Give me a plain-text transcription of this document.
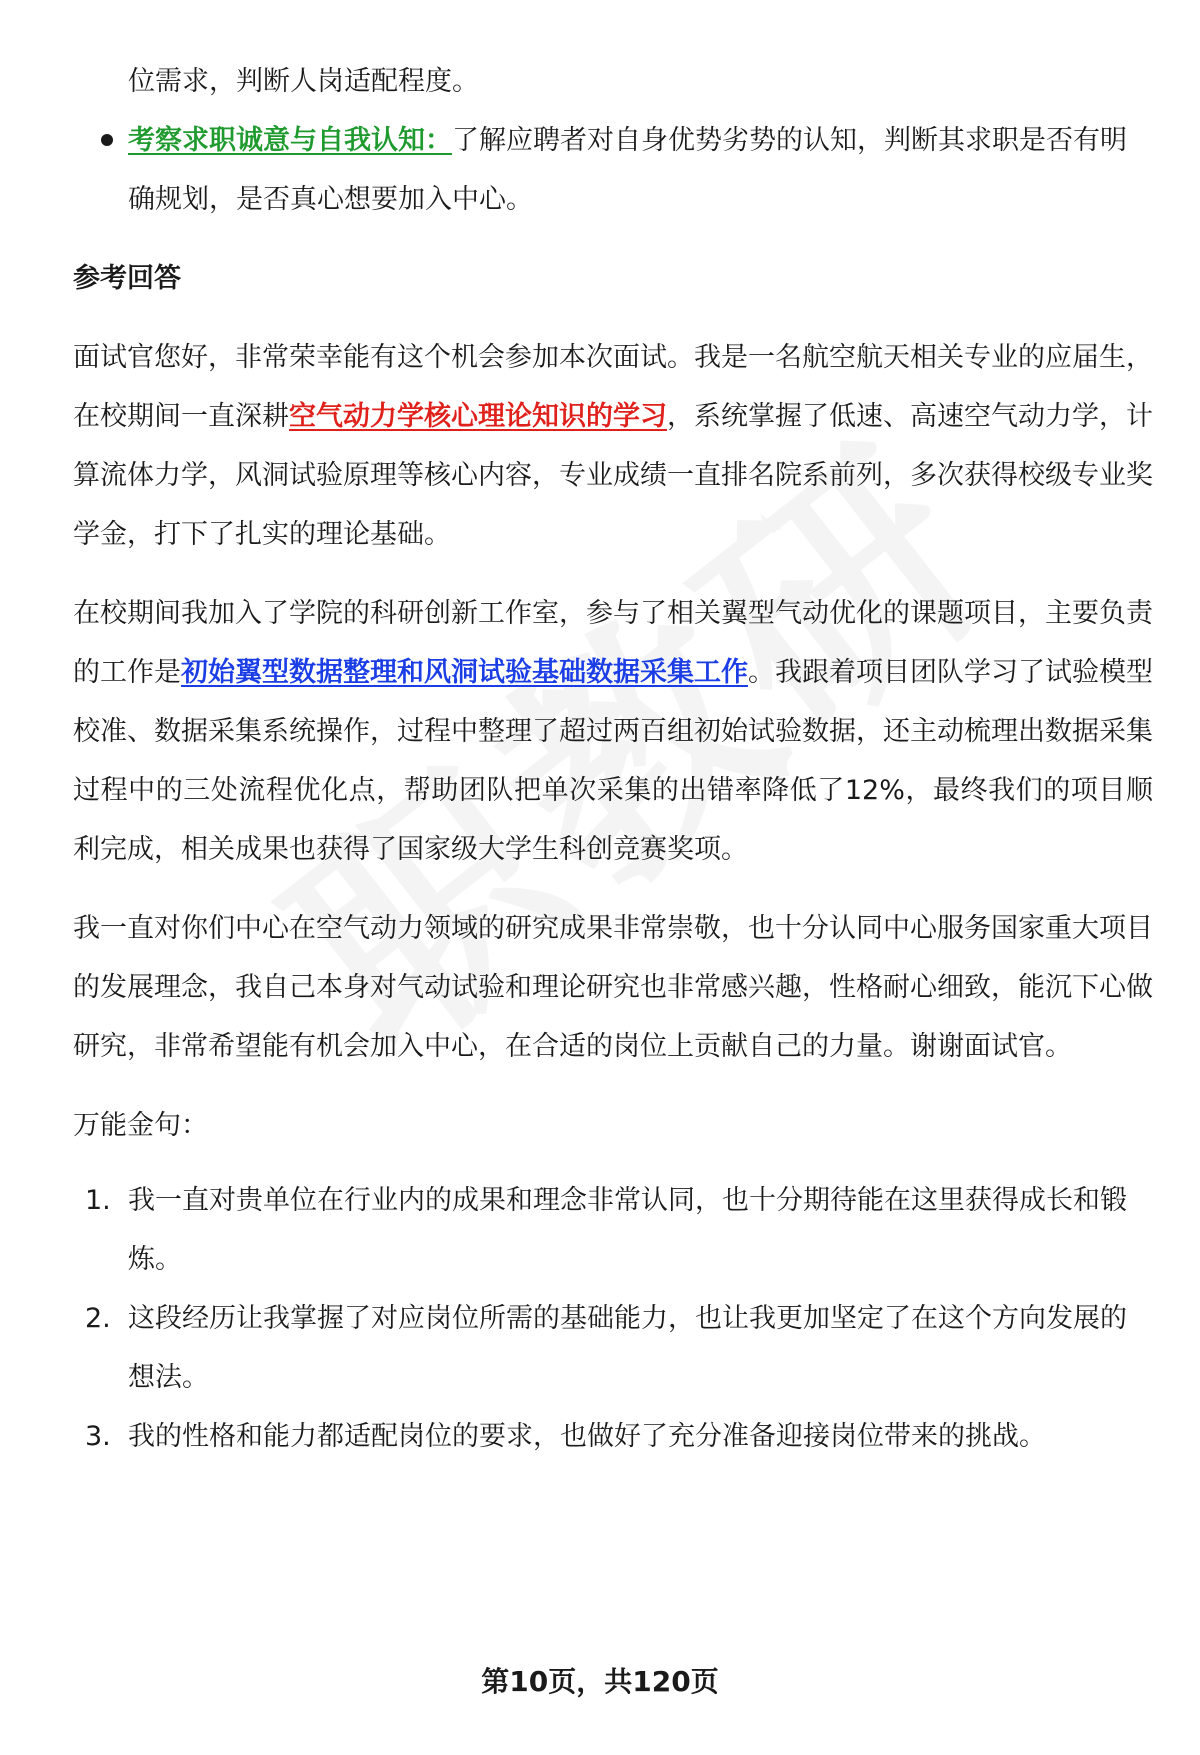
位需求，判断人岗适配程度。
考察求职诚意与自我认知：了解应聘者对自身优势劣势的认知，判断其求职是否有明确规划，是否真心想要加入中心。
参考回答

面试官您好，非常荣幸能有这个机会参加本次面试。我是一名航空航天相关专业的应届生，在校期间一直深耕空气动力学核心理论知识的学习，系统掌握了低速、高速空气动力学，计算流体力学，风洞试验原理等核心内容，专业成绩一直排名院系前列，多次获得校级专业奖学金，打下了扎实的理论基础。

在校期间我加入了学院的科研创新工作室，参与了相关翼型气动优化的课题项目，主要负责的工作是初始翼型数据整理和风洞试验基础数据采集工作。我跟着项目团队学习了试验模型校准、数据采集系统操作，过程中整理了超过两百组初始试验数据，还主动梳理出数据采集过程中的三处流程优化点，帮助团队把单次采集的出错率降低了12%，最终我们的项目顺利完成，相关成果也获得了国家级大学生科创竞赛奖项。

我一直对你们中心在空气动力领域的研究成果非常崇敬，也十分认同中心服务国家重大项目的发展理念，我自己本身对气动试验和理论研究也非常感兴趣，性格耐心细致，能沉下心做研究，非常希望能有机会加入中心，在合适的岗位上贡献自己的力量。谢谢面试官。

万能金句：
1. 我一直对贵单位在行业内的成果和理念非常认同，也十分期待能在这里获得成长和锻炼。
2. 这段经历让我掌握了对应岗位所需的基础能力，也让我更加坚定了在这个方向发展的想法。
3. 我的性格和能力都适配岗位的要求，也做好了充分准备迎接岗位带来的挑战。
第10页，共120页
